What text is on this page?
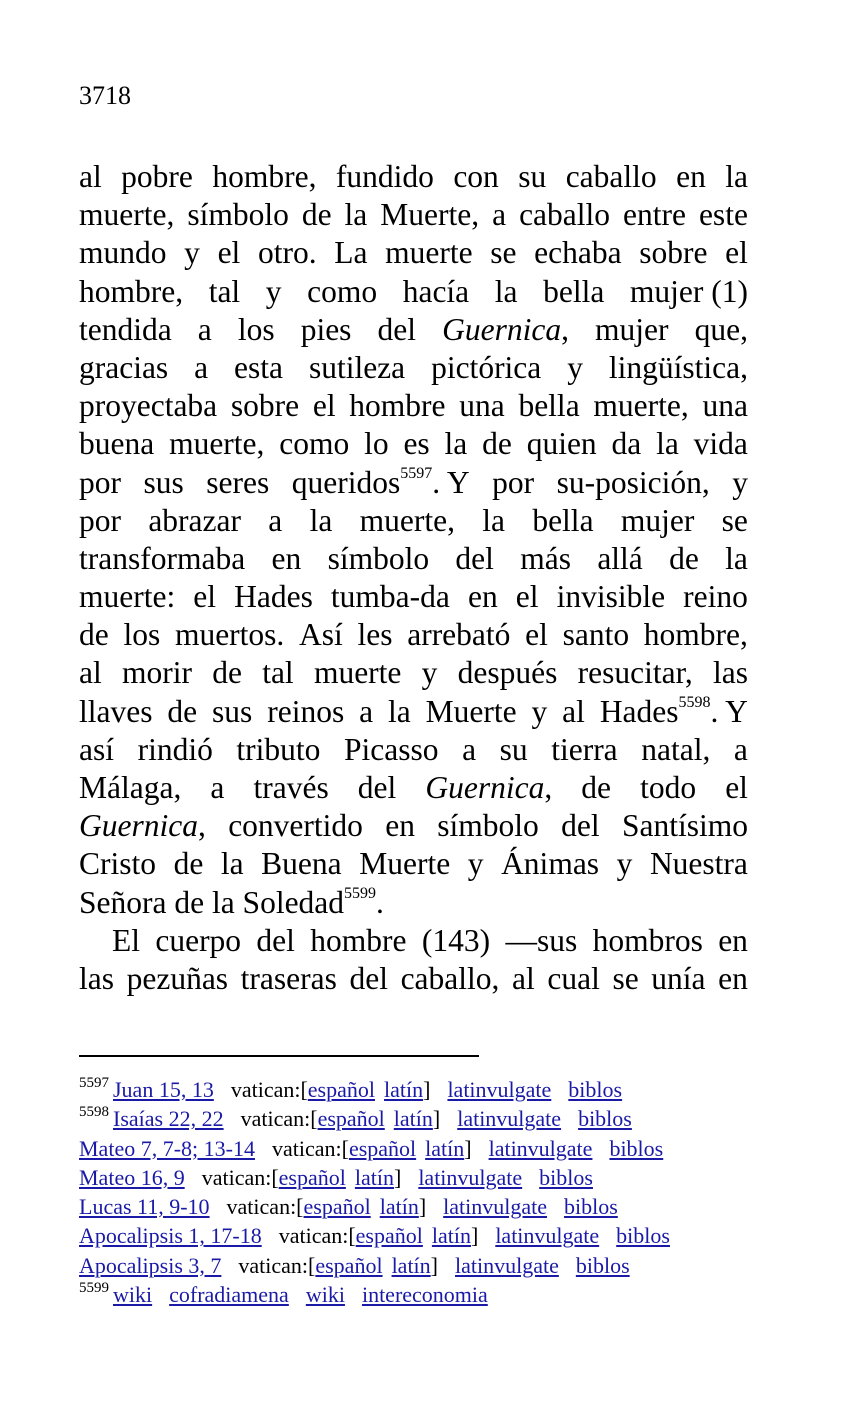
3718
al pobre hombre, fundido con su caballo en la
muerte, símbolo de la Muerte, a caballo entre este
mundo y el otro. La muerte se echaba sobre el
hombre, tal y como hacía la bella mujer (1)
tendida a los pies del Guernica, mujer que,
gracias a esta sutileza pictórica y lingüística,
proyectaba sobre el hombre una bella muerte, una
buena muerte, como lo es la de quien da la vida
por sus seres queridos$^{5597}$. Y por su-posición, y
por abrazar a la muerte, la bella mujer se
transformaba en símbolo del más allá de la
muerte: el Hades tumba-da en el invisible reino
de los muertos. Así les arrebató el santo hombre,
al morir de tal muerte y después resucitar, las
llaves de sus reinos a la Muerte y al Hades$^{5598}$. Y
así rindió tributo Picasso a su tierra natal, a
Málaga, a través del Guernica, de todo el
Guernica, convertido en símbolo del Santísimo
Cristo de la Buena Muerte y Ánimas y Nuestra
Señora de la Soledad$^{5599}$.
El cuerpo del hombre (143) —sus hombros en
las pezuñas traseras del caballo, al cual se unía en
$^{5597}$ Juan 15, 13 vatican:[español latín] latinvulgate biblos
$^{5598}$ Isaías 22, 22 vatican:[español latín] latinvulgate biblos
Mateo 7, 7-8; 13-14 vatican:[español latín] latinvulgate biblos
Mateo 16, 9 vatican:[español latín] latinvulgate biblos
Lucas 11, 9-10 vatican:[español latín] latinvulgate biblos
Apocalipsis 1, 17-18 vatican:[español latín] latinvulgate biblos
Apocalipsis 3, 7 vatican:[español latín] latinvulgate biblos
$^{5599}$ wiki cofradiamena wiki intereconomia
